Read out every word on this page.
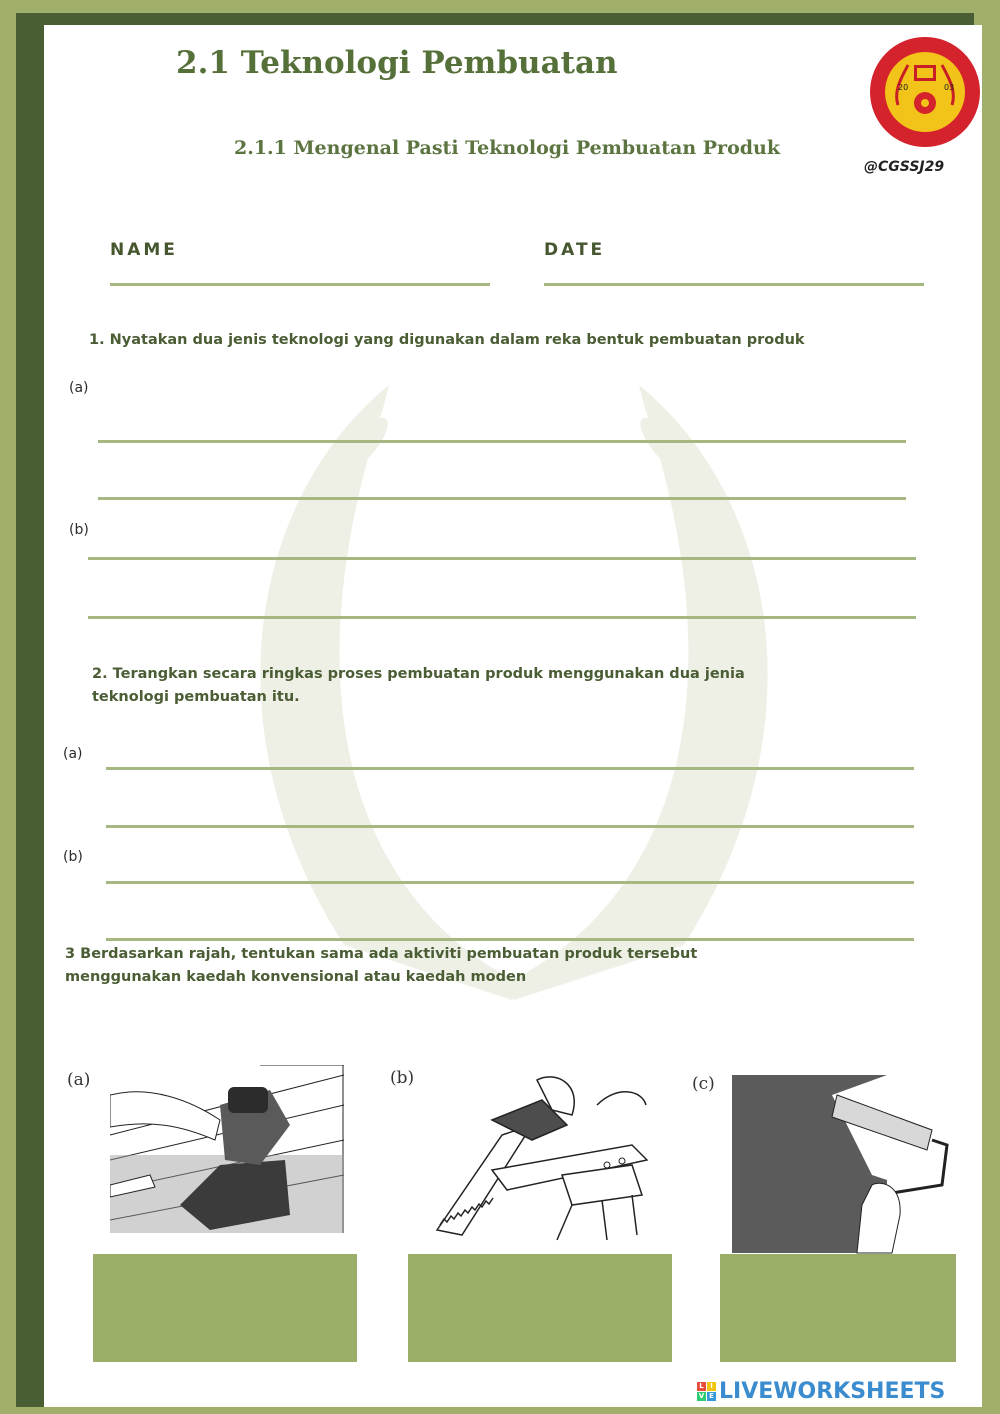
2.1 Teknologi Pembuatan
2.1.1 Mengenal Pasti Teknologi Pembuatan Produk
20	03
@CGSSJ29
NAME	DATE
1. Nyatakan dua jenis teknologi yang digunakan dalam reka bentuk pembuatan produk
(a)
(b)
2. Terangkan secara ringkas proses pembuatan produk menggunakan dua jenia
teknologi pembuatan itu.
(a)
(b)
3 Berdasarkan rajah, tentukan sama ada aktiviti pembuatan produk tersebut
menggunakan kaedah konvensional atau kaedah moden
(a)	(b)	(c)
L I
V E LIVEWORKSHEETS
